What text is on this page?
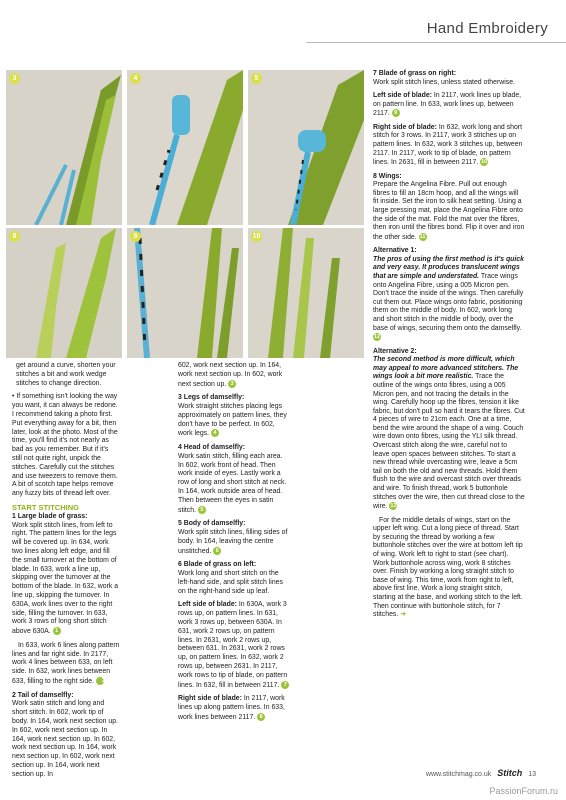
Hand Embroidery
3	4	5
8	9	10

get around a curve, shorten your stitches a bit and work wedge stitches to change direction.

• If something isn't looking the way you want, it can always be redone. I recommend taking a photo first. Put everything away for a bit, then later, look at the photo. Most of the time, you'll find it's not nearly as bad as you remember. But if it's still not quite right, unpick the stitches. Carefully cut the stitches and use tweezers to remove them. A bit of scotch tape helps remove any fuzzy bits of thread left over.

START STITCHING
1 Large blade of grass:

Work split stitch lines, from left to right. The pattern lines for the legs will be covered up. In 634, work two lines along left edge, and fill the small turnover at the bottom of blade. In 633, work a line up, skipping over the turnover at the bottom of the blade. In 632, work a line up, skipping the turnover. In 630A, work lines over to the right side, filling the turnover. In 633, work 3 rows of long short stitch above 630A. 1

In 633, work 6 lines along pattern lines and far right side. In 2177, work 4 lines between 633, on left side. In 632, work lines between 633, filling to the right side. 2

2 Tail of damselfly:

Work satin stitch and long and short stitch. In 602, work tip of body. In 164, work next section up. In 602, work next section up. In 164, work next section up. In 602, work next section up. In 164, work next section up. In 602, work next section up. In 164, work next section up. In

602, work next section up. In 164, work next section up. In 602, work next section up. 3

3 Legs of damselfly:

Work straight stitches placing legs approximately on pattern lines, they don't have to be perfect. In 602, work legs. 4

4 Head of damselfly:

Work satin stitch, filling each area. In 602, work front of head. Then work inside of eyes. Lastly work a row of long and short stitch at neck. In 164, work outside area of head. Then between the eyes in satin stitch. 5

5 Body of damselfly:

Work split stitch lines, filling sides of body. In 164, leaving the centre unstitched. 6

6 Blade of grass on left:

Work long and short stitch on the left-hand side, and split stitch lines on the right-hand side up leaf.

Left side of blade: In 630A, work 3 rows up, on pattern lines. In 631, work 3 rows up, between 630A. In 631, work 2 rows up, on pattern lines. In 2631, work 2 rows up, between 631. In 2631, work 2 rows up, on pattern lines. In 632, work 2 rows up, between 2631. In 2117, work rows to tip of blade, on pattern lines. In 632, fill in between 2117. 7

Right side of blade: In 2117, work lines up along pattern lines. In 633, work lines between 2117. 8

7 Blade of grass on right:

Work split stitch lines, unless stated otherwise.

Left side of blade: In 2117, work lines up blade, on pattern line. In 633, work lines up, between 2117. 9

Right side of blade: In 632, work long and short stitch for 3 rows. In 2117, work 3 stitches up on pattern lines. In 632, work 3 stitches up, between 2117. In 2117, work to tip of blade, on pattern lines. In 2631, fill in between 2117. 10

8 Wings:

Prepare the Angelina Fibre. Pull out enough fibres to fill an 18cm hoop, and all the wings will fit inside. Set the iron to silk heat setting. Using a large pressing mat, place the Angelina Fibre onto the side of the mat. Fold the mat over the fibres, then iron until the fibres bond. Flip it over and iron the other side. 11

Alternative 1:

The pros of using the first method is it's quick and very easy. It produces translucent wings that are simple and understated. Trace wings onto Angelina Fibre, using a 005 Micron pen. Don't trace the inside of the wings. Then carefully cut them out. Place wings onto fabric, positioning them on the middle of body. In 602, work long and short stitch in the middle of body, over the base of wings, securing them onto the damselfly. 12

Alternative 2:

The second method is more difficult, which may appeal to more advanced stitchers. The wings look a bit more realistic. Trace the outline of the wings onto fibres, using a 005 Micron pen, and not tracing the details in the wing. Carefully hoop up the fibres, tension it like fabric, but don't pull so hard it tears the fibres. Cut 4 pieces of wire to 21cm each. One at a time, bend the wire around the shape of a wing. Couch wire down onto fibres, using the YLI silk thread. Overcast stitch along the wire, careful not to leave open spaces between stitches. To start a new thread while overcasting wire, leave a 5cm tail on both the old and new threads. Hold them flush to the wire and overcast stitch over threads and wire. To finish thread, work 5 buttonhole stitches over the wire, then cut thread close to the wire. 13

For the middle details of wings, start on the upper left wing. Cut a long piece of thread. Start by securing the thread by working a few buttonhole stitches over the wire at bottom left tip of wing. Work left to right to start (see chart). Work buttonhole across wing, work 8 stitches over. Finish by working a long straight stitch to base of wing. This time, work from right to left, above first line. Work a long straight stitch, starting at the base, and working stitch to the left. Then continue with buttonhole stitch, for 7 stitches. ➔

www.stitchmag.co.uk Stitch 13
PassionForum.ru
